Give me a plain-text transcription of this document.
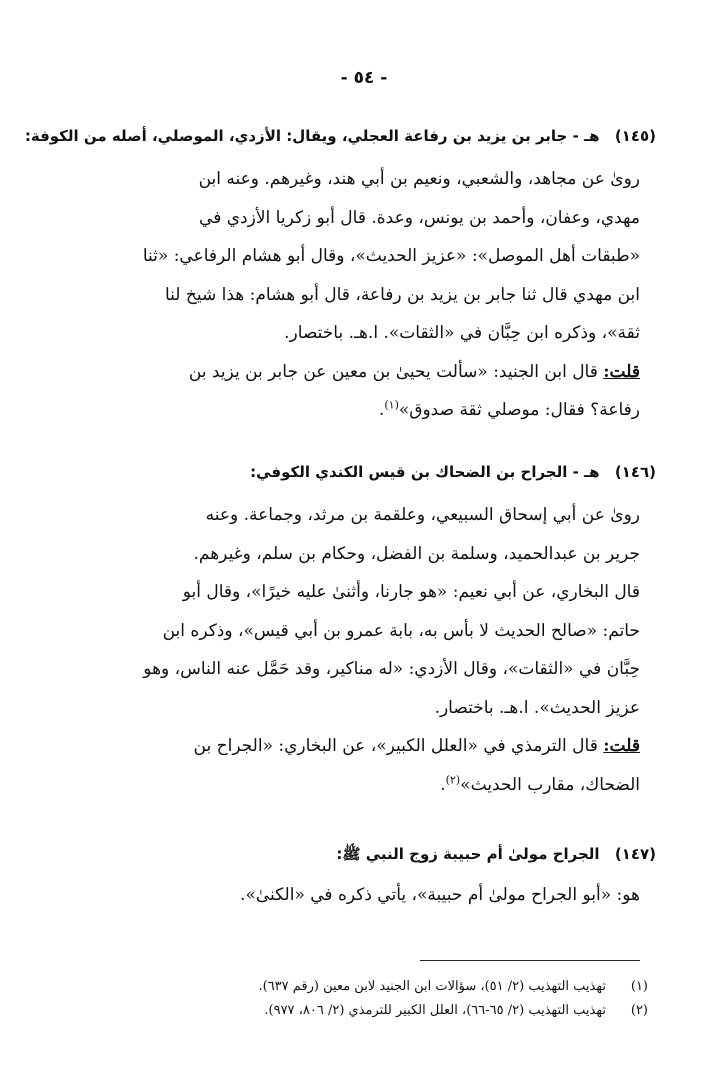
- ٥٤ -
(١٤٥) هـ - جابر بن يزيد بن رفاعة العجلي، ويقال: الأزدي، الموصلي، أصله من الكوفة:
روىٰ عن مجاهد، والشعبي، ونعيم بن أبي هند، وغيرهم. وعنه ابن
مهدي، وعفان، وأحمد بن يونس، وعدة. قال أبو زكريا الأزدي في
«طبقات أهل الموصل»: «عزيز الحديث»، وقال أبو هشام الرفاعي: «ثنا
ابن مهدي قال ثنا جابر بن يزيد بن رفاعة، قال أبو هشام: هذا شيخ لنا
ثقة»، وذكره ابن حِبَّان في «الثقات». ا.هـ. باختصار.
قلت: قال ابن الجنيد: «سألت يحيىٰ بن معين عن جابر بن يزيد بن
رفاعة؟ فقال: موصلي ثقة صدوق»$^{(١)}$.
(١٤٦) هـ - الجراح بن الضحاك بن قيس الكندي الكوفي:
روىٰ عن أبي إسحاق السبيعي، وعلقمة بن مرثد، وجماعة. وعنه
جرير بن عبدالحميد، وسلمة بن الفضل، وحكام بن سلم، وغيرهم.
قال البخاري، عن أبي نعيم: «هو جارنا، وأثنىٰ عليه خيرًا»، وقال أبو
حاتم: «صالح الحديث لا بأس به، بابة عمرو بن أبي قيس»، وذكره ابن
حِبَّان في «الثقات»، وقال الأزدي: «له مناكير، وقد حَمَّل عنه الناس، وهو
عزيز الحديث». ا.هـ. باختصار.
قلت: قال الترمذي في «العلل الكبير»، عن البخاري: «الجراح بن
الضحاك، مقارب الحديث»$^{(٢)}$.
(١٤٧) الجراح مولىٰ أم حبيبة زوج النبي ﷺ:
هو: «أبو الجراح مولىٰ أم حبيبة»، يأتي ذكره في «الكنىٰ».
(١)تهذيب التهذيب (٢/ ٥١)، سؤالات ابن الجنيد لابن معين (رقم ٦٣٧).
(٢)تهذيب التهذيب (٢/ ٦٥-٦٦)، العلل الكبير للترمذي (٢/ ٨٠٦، ٩٧٧).
